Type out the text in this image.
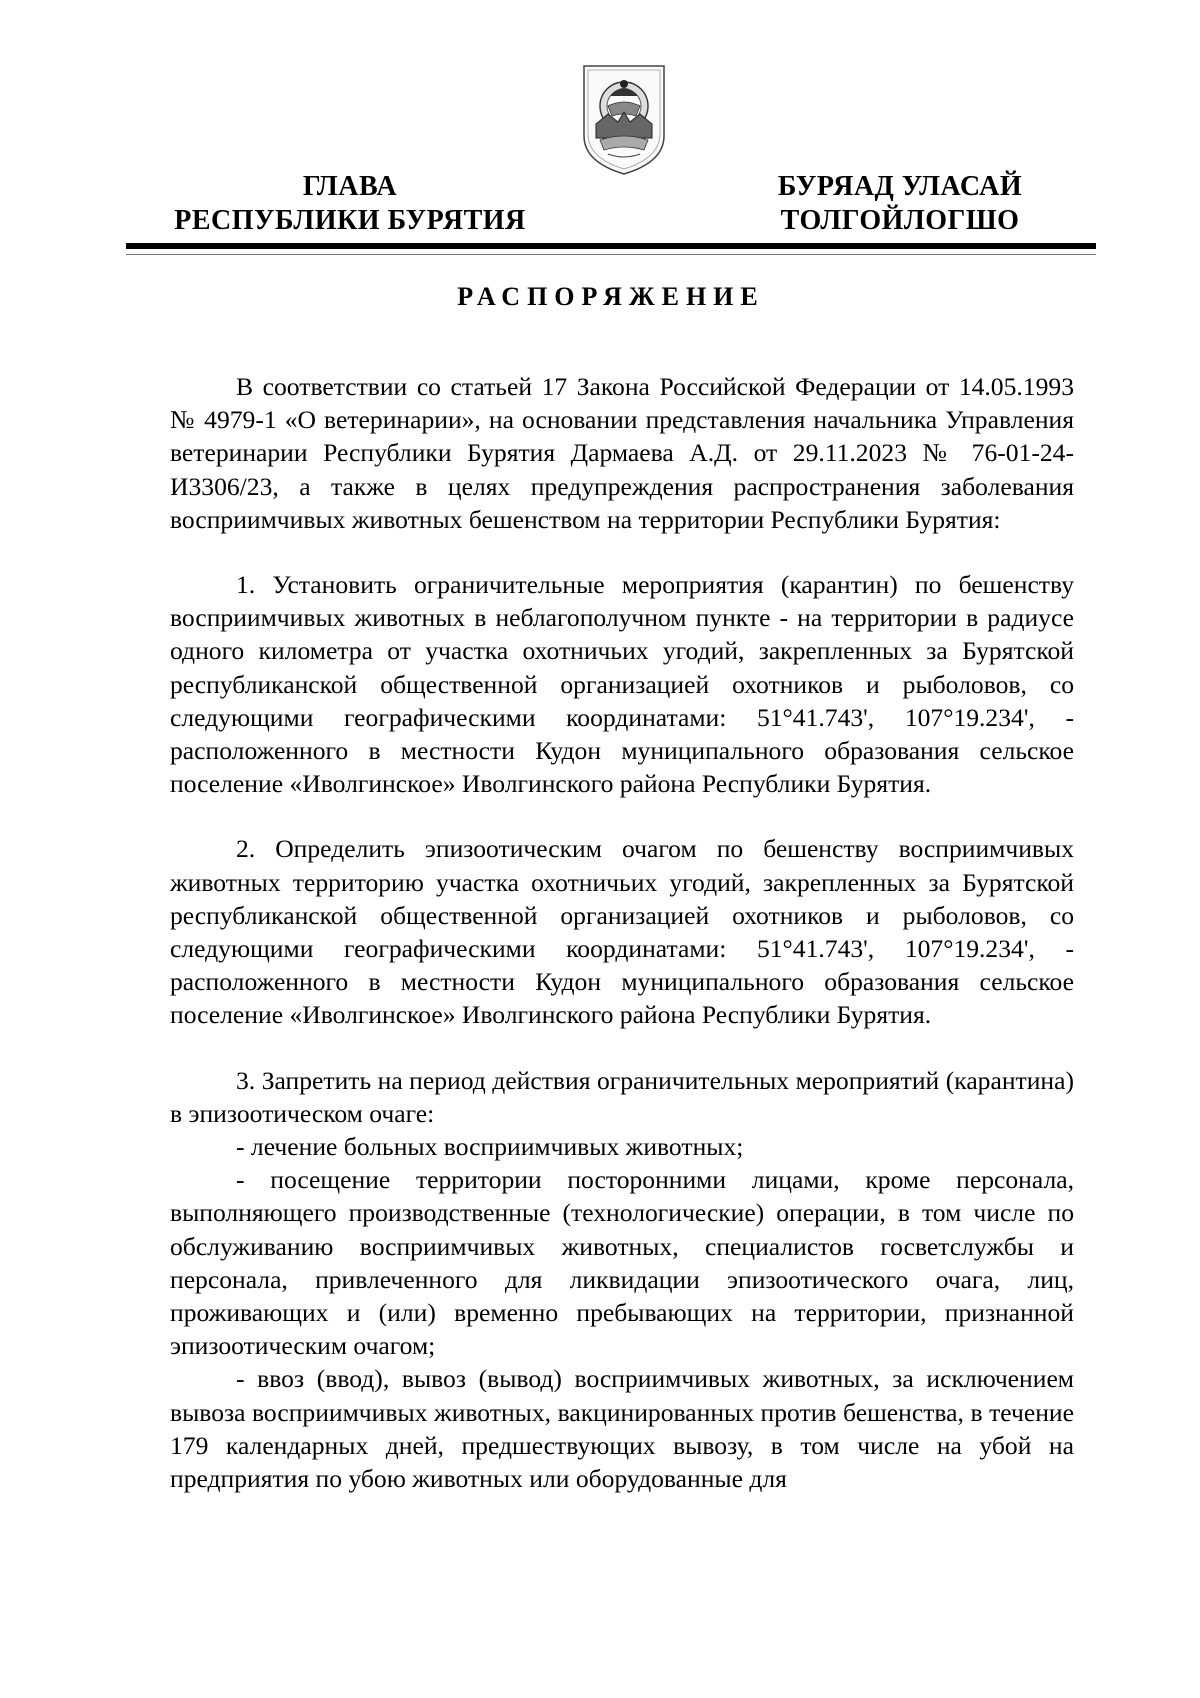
ГЛАВА
РЕСПУБЛИКИ БУРЯТИЯ
БУРЯАД УЛАСАЙ
ТОЛГОЙЛОГШО
РАСПОРЯЖЕНИЕ

В соответствии со статьей 17 Закона Российской Федерации от 14.05.1993 № 4979-1 «О ветеринарии», на основании представления начальника Управления ветеринарии Республики Бурятия Дармаева А.Д. от 29.11.2023 № 76-01-24-И3306/23, а также в целях предупреждения распространения заболевания восприимчивых животных бешенством на территории Республики Бурятия:

1. Установить ограничительные мероприятия (карантин) по бешенству восприимчивых животных в неблагополучном пункте - на территории в радиусе одного километра от участка охотничьих угодий, закрепленных за Бурятской республиканской общественной организацией охотников и рыболовов, со следующими географическими координатами: 51°41.743', 107°19.234', - расположенного в местности Кудон муниципального образования сельское поселение «Иволгинское» Иволгинского района Республики Бурятия.

2. Определить эпизоотическим очагом по бешенству восприимчивых животных территорию участка охотничьих угодий, закрепленных за Бурятской республиканской общественной организацией охотников и рыболовов, со следующими географическими координатами: 51°41.743', 107°19.234', - расположенного в местности Кудон муниципального образования сельское поселение «Иволгинское» Иволгинского района Республики Бурятия.

3. Запретить на период действия ограничительных мероприятий (карантина) в эпизоотическом очаге:

- лечение больных восприимчивых животных;

- посещение территории посторонними лицами, кроме персонала, выполняющего производственные (технологические) операции, в том числе по обслуживанию восприимчивых животных, специалистов госветслужбы и персонала, привлеченного для ликвидации эпизоотического очага, лиц, проживающих и (или) временно пребывающих на территории, признанной эпизоотическим очагом;

- ввоз (ввод), вывоз (вывод) восприимчивых животных, за исключением вывоза восприимчивых животных, вакцинированных против бешенства, в течение 179 календарных дней, предшествующих вывозу, в том числе на убой на предприятия по убою животных или оборудованные для
